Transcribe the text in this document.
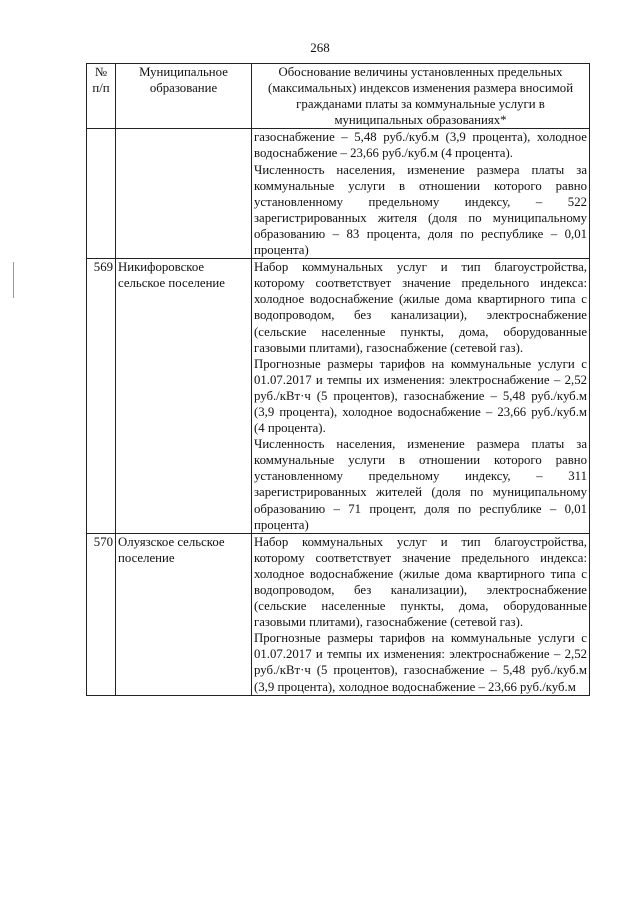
268
№ п/п	Муниципальное образование	Обоснование величины установленных предельных (максимальных) индексов изменения размера вносимой гражданами платы за коммунальные услуги в муниципальных образованиях*

		газоснабжение – 5,48 руб./куб.м (3,9 процента), холодное водоснабжение – 23,66 руб./куб.м (4 процента).
Численность населения, изменение размера платы за коммунальные услуги в отношении которого равно установленному предельному индексу, – 522 зарегистрированных жителя (доля по муниципальному образованию – 83 процента, доля по республике – 0,01 процента)

569	Никифоровское сельское поселение	Набор коммунальных услуг и тип благоустройства, которому соответствует значение предельного индекса: холодное водоснабжение (жилые дома квартирного типа с водопроводом, без канализации), электроснабжение (сельские населенные пункты, дома, оборудованные газовыми плитами), газоснабжение (сетевой газ).
Прогнозные размеры тарифов на коммунальные услуги с 01.07.2017 и темпы их изменения: электроснабжение – 2,52 руб./кВт·ч (5 процентов), газоснабжение – 5,48 руб./куб.м (3,9 процента), холодное водоснабжение – 23,66 руб./куб.м (4 процента).
Численность населения, изменение размера платы за коммунальные услуги в отношении которого равно установленному предельному индексу, – 311 зарегистрированных жителей (доля по муниципальному образованию – 71 процент, доля по республике – 0,01 процента)

570	Олуязское сельское поселение	Набор коммунальных услуг и тип благоустройства, которому соответствует значение предельного индекса: холодное водоснабжение (жилые дома квартирного типа с водопроводом, без канализации), электроснабжение (сельские населенные пункты, дома, оборудованные газовыми плитами), газоснабжение (сетевой газ).
Прогнозные размеры тарифов на коммунальные услуги с 01.07.2017 и темпы их изменения: электроснабжение – 2,52 руб./кВт·ч (5 процентов), газоснабжение – 5,48 руб./куб.м (3,9 процента), холодное водоснабжение – 23,66 руб./куб.м
